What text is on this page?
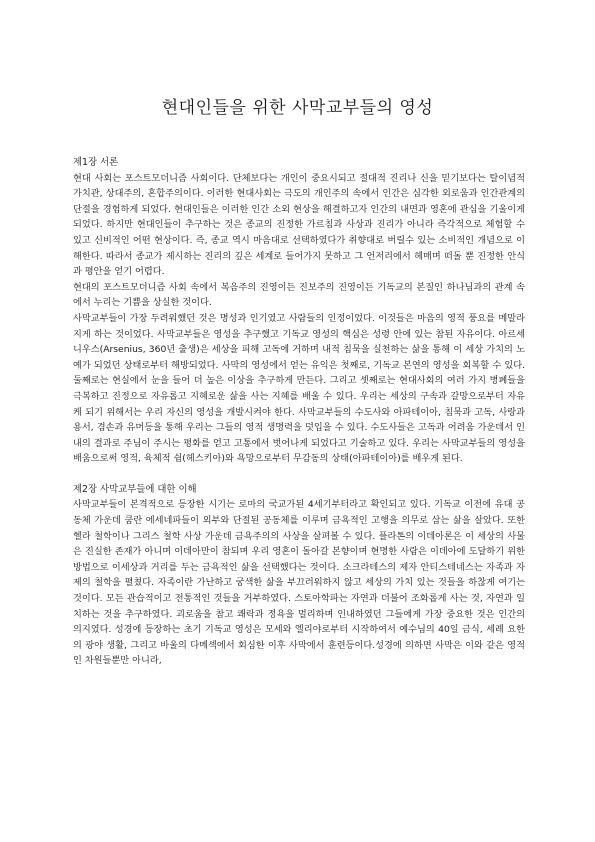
현대인들을 위한 사막교부들의 영성

제1장 서론

현대 사회는 포스트모더니즘 사회이다. 단체보다는 개인이 중요시되고 절대적 진리나 신을 믿기보다는 탈이념적 가치관, 상대주의, 혼합주의이다. 이러한 현대사회는 극도의 개인주의 속에서 인간은 심각한 외로움과 인간관계의 단절을 경험하게 되었다. 현대인들은 이러한 인간 소외 현상을 해결하고자 인간의 내면과 영혼에 관심을 기울이게 되었다. 하지만 현대인들이 추구하는 것은 종교의 진정한 가르침과 사상과 진리가 아니라 즉각적으로 체험할 수 있고 신비적인 어떤 현상이다. 즉, 종교 역시 마음대로 선택하였다가 취향대로 버릴수 있는 소비적인 개념으로 이해한다. 따라서 종교가 제시하는 진리의 깊은 세계로 들어가지 못하고 그 언저리에서 헤매며 떠돌 뿐 진정한 안식과 평안을 얻기 어렵다.

현대의 포스트모더니즘 사회 속에서 복음주의 진영이든 진보주의 진영이든 기독교의 본질인 하나님과의 관계 속에서 누리는 기쁨을 상실한 것이다.

사막교부들이 가장 두려워했던 것은 명성과 인기였고 사람들의 인정이었다. 이것들은 마음의 영적 풍요를 메말라지게 하는 것이었다. 사막교부들은 영성을 추구했고 기독교 영성의 핵심은 성령 안에 있는 참된 자유이다. 아르세니우스(Arsenius, 360년 출생)은 세상을 피해 고독에 거하며 내적 침묵을 실천하는 삶을 통해 이 세상 가치의 노예가 되었던 상태로부터 해방되었다. 사막의 영성에서 얻는 유익은 첫째로, 기독교 본연의 영성을 회복할 수 있다. 둘째로는 현실에서 눈을 들어 더 높은 이상을 추구하게 만든다. 그리고 셋째로는 현대사회의 여러 가지 병폐들을 극복하고 진정으로 자유롭고 지혜로운 삶을 사는 지혜를 배울 수 있다. 우리는 세상의 구속과 갈망으로부터 자유케 되기 위해서는 우리 자신의 영성을 개발시켜야 한다. 사막교부들의 수도사와 아파테이아, 침묵과 고독, 사랑과 용서, 겸손과 유머등을 통해 우리는 그들의 영적 생명력을 덧입을 수 있다. 수도사들은 고독과 어려움 가운데서 인내의 결과로 주님이 주시는 평화를 얻고 고통에서 벗어나게 되었다고 기술하고 있다. 우리는 사막교부들의 영성을 배움으로써 영적, 육체적 쉼(헤스키아)와 욕망으로부터 무감동의 상태(아파테이아)를 배우게 된다.

제2장 사막교부들에 대한 이해

사막교부들이 본격적으로 등장한 시기는 로마의 국교가된 4세기부터라고 확인되고 있다. 기독교 이전에 유대 공동체 가운데 쿰란 에세네파들이 외부와 단절된 공동체를 이루며 금욕적인 고행을 의무로 삼는 삶을 살았다. 또한 헬라 철학이나 그리스 철학 사상 가운데 금욕주의의 사상을 살펴볼 수 있다. 플라톤의 이데아론은 이 세상의 사물은 진실한 존재가 아니며 이데아만이 참되며 우리 영혼이 돌아갈 본향이며 현명한 사람은 이데아에 도달하기 위한 방법으로 이세상과 거리를 두는 금욕적인 삶을 선택했다는 것이다. 소크라테스의 제자 안티스테네스는 자족과 자제의 철학을 펼쳤다. 자족이란 가난하고 궁색한 삶을 부끄러워하지 않고 세상의 가치 있는 것들을 하찮게 여기는 것이다. 모든 관습적이고 전통적인 것들을 거부하였다. 스토아학파는 자연과 더불어 조화롭게 사는 것, 자연과 일치하는 것을 추구하였다. 괴로움을 참고 쾌락과 정욕을 멀리하며 인내하였던 그들에게 가장 중요한 것은 인간의 의지였다. 성경에 등장하는 초기 기독교 영성은 모세와 엘리야로부터 시작하여서 예수님의 40일 금식, 세례 요한의 광야 생활, 그리고 바울의 다메섹에서 회심한 이후 사막에서 훈련등이다.성경에 의하면 사막은 이와 같은 영적인 차원들뿐만 아니라,
